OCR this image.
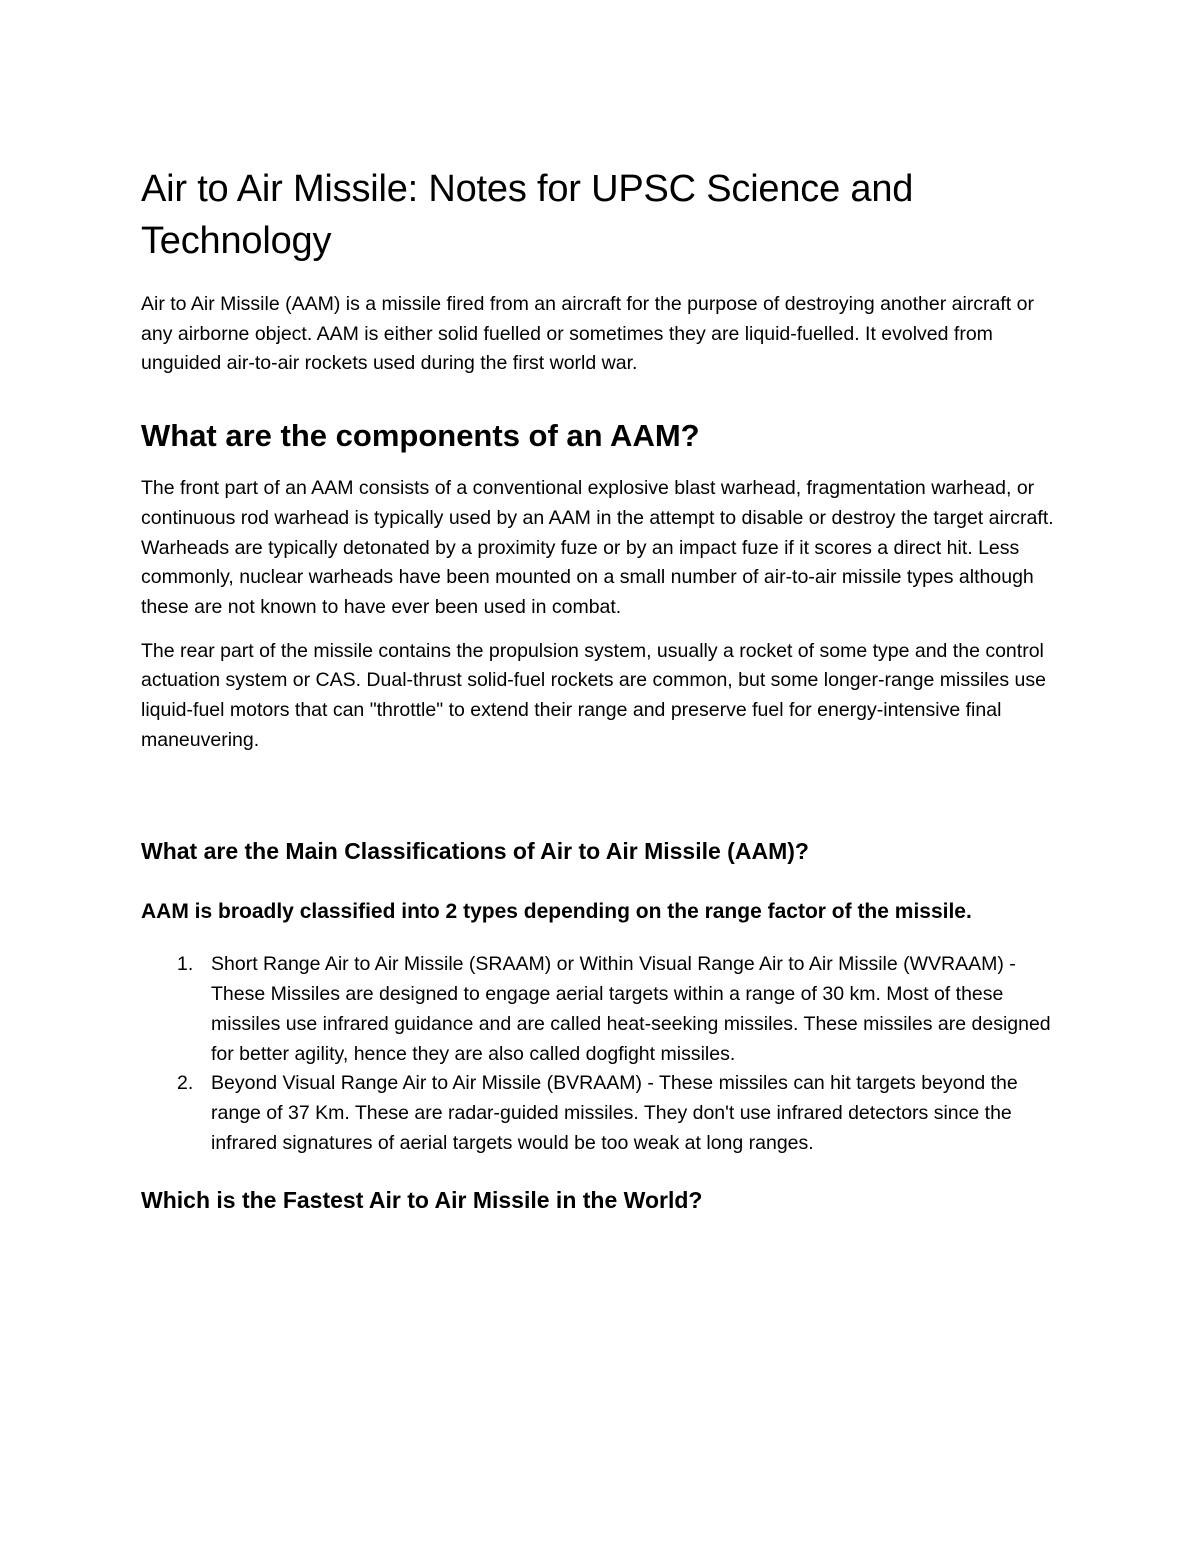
Air to Air Missile: Notes for UPSC Science and Technology

Air to Air Missile (AAM) is a missile fired from an aircraft for the purpose of destroying another aircraft or any airborne object. AAM is either solid fuelled or sometimes they are liquid-fuelled. It evolved from unguided air-to-air rockets used during the first world war.

What are the components of an AAM?

The front part of an AAM consists of a conventional explosive blast warhead, fragmentation warhead, or continuous rod warhead is typically used by an AAM in the attempt to disable or destroy the target aircraft. Warheads are typically detonated by a proximity fuze or by an impact fuze if it scores a direct hit. Less commonly, nuclear warheads have been mounted on a small number of air-to-air missile types although these are not known to have ever been used in combat.

The rear part of the missile contains the propulsion system, usually a rocket of some type and the control actuation system or CAS. Dual-thrust solid-fuel rockets are common, but some longer-range missiles use liquid-fuel motors that can "throttle" to extend their range and preserve fuel for energy-intensive final maneuvering.

What are the Main Classifications of Air to Air Missile (AAM)?
AAM is broadly classified into 2 types depending on the range factor of the missile.
1. Short Range Air to Air Missile (SRAAM) or Within Visual Range Air to Air Missile (WVRAAM) - These Missiles are designed to engage aerial targets within a range of 30 km. Most of these missiles use infrared guidance and are called heat-seeking missiles. These missiles are designed for better agility, hence they are also called dogfight missiles.
2. Beyond Visual Range Air to Air Missile (BVRAAM) - These missiles can hit targets beyond the range of 37 Km. These are radar-guided missiles. They don't use infrared detectors since the infrared signatures of aerial targets would be too weak at long ranges.
Which is the Fastest Air to Air Missile in the World?
